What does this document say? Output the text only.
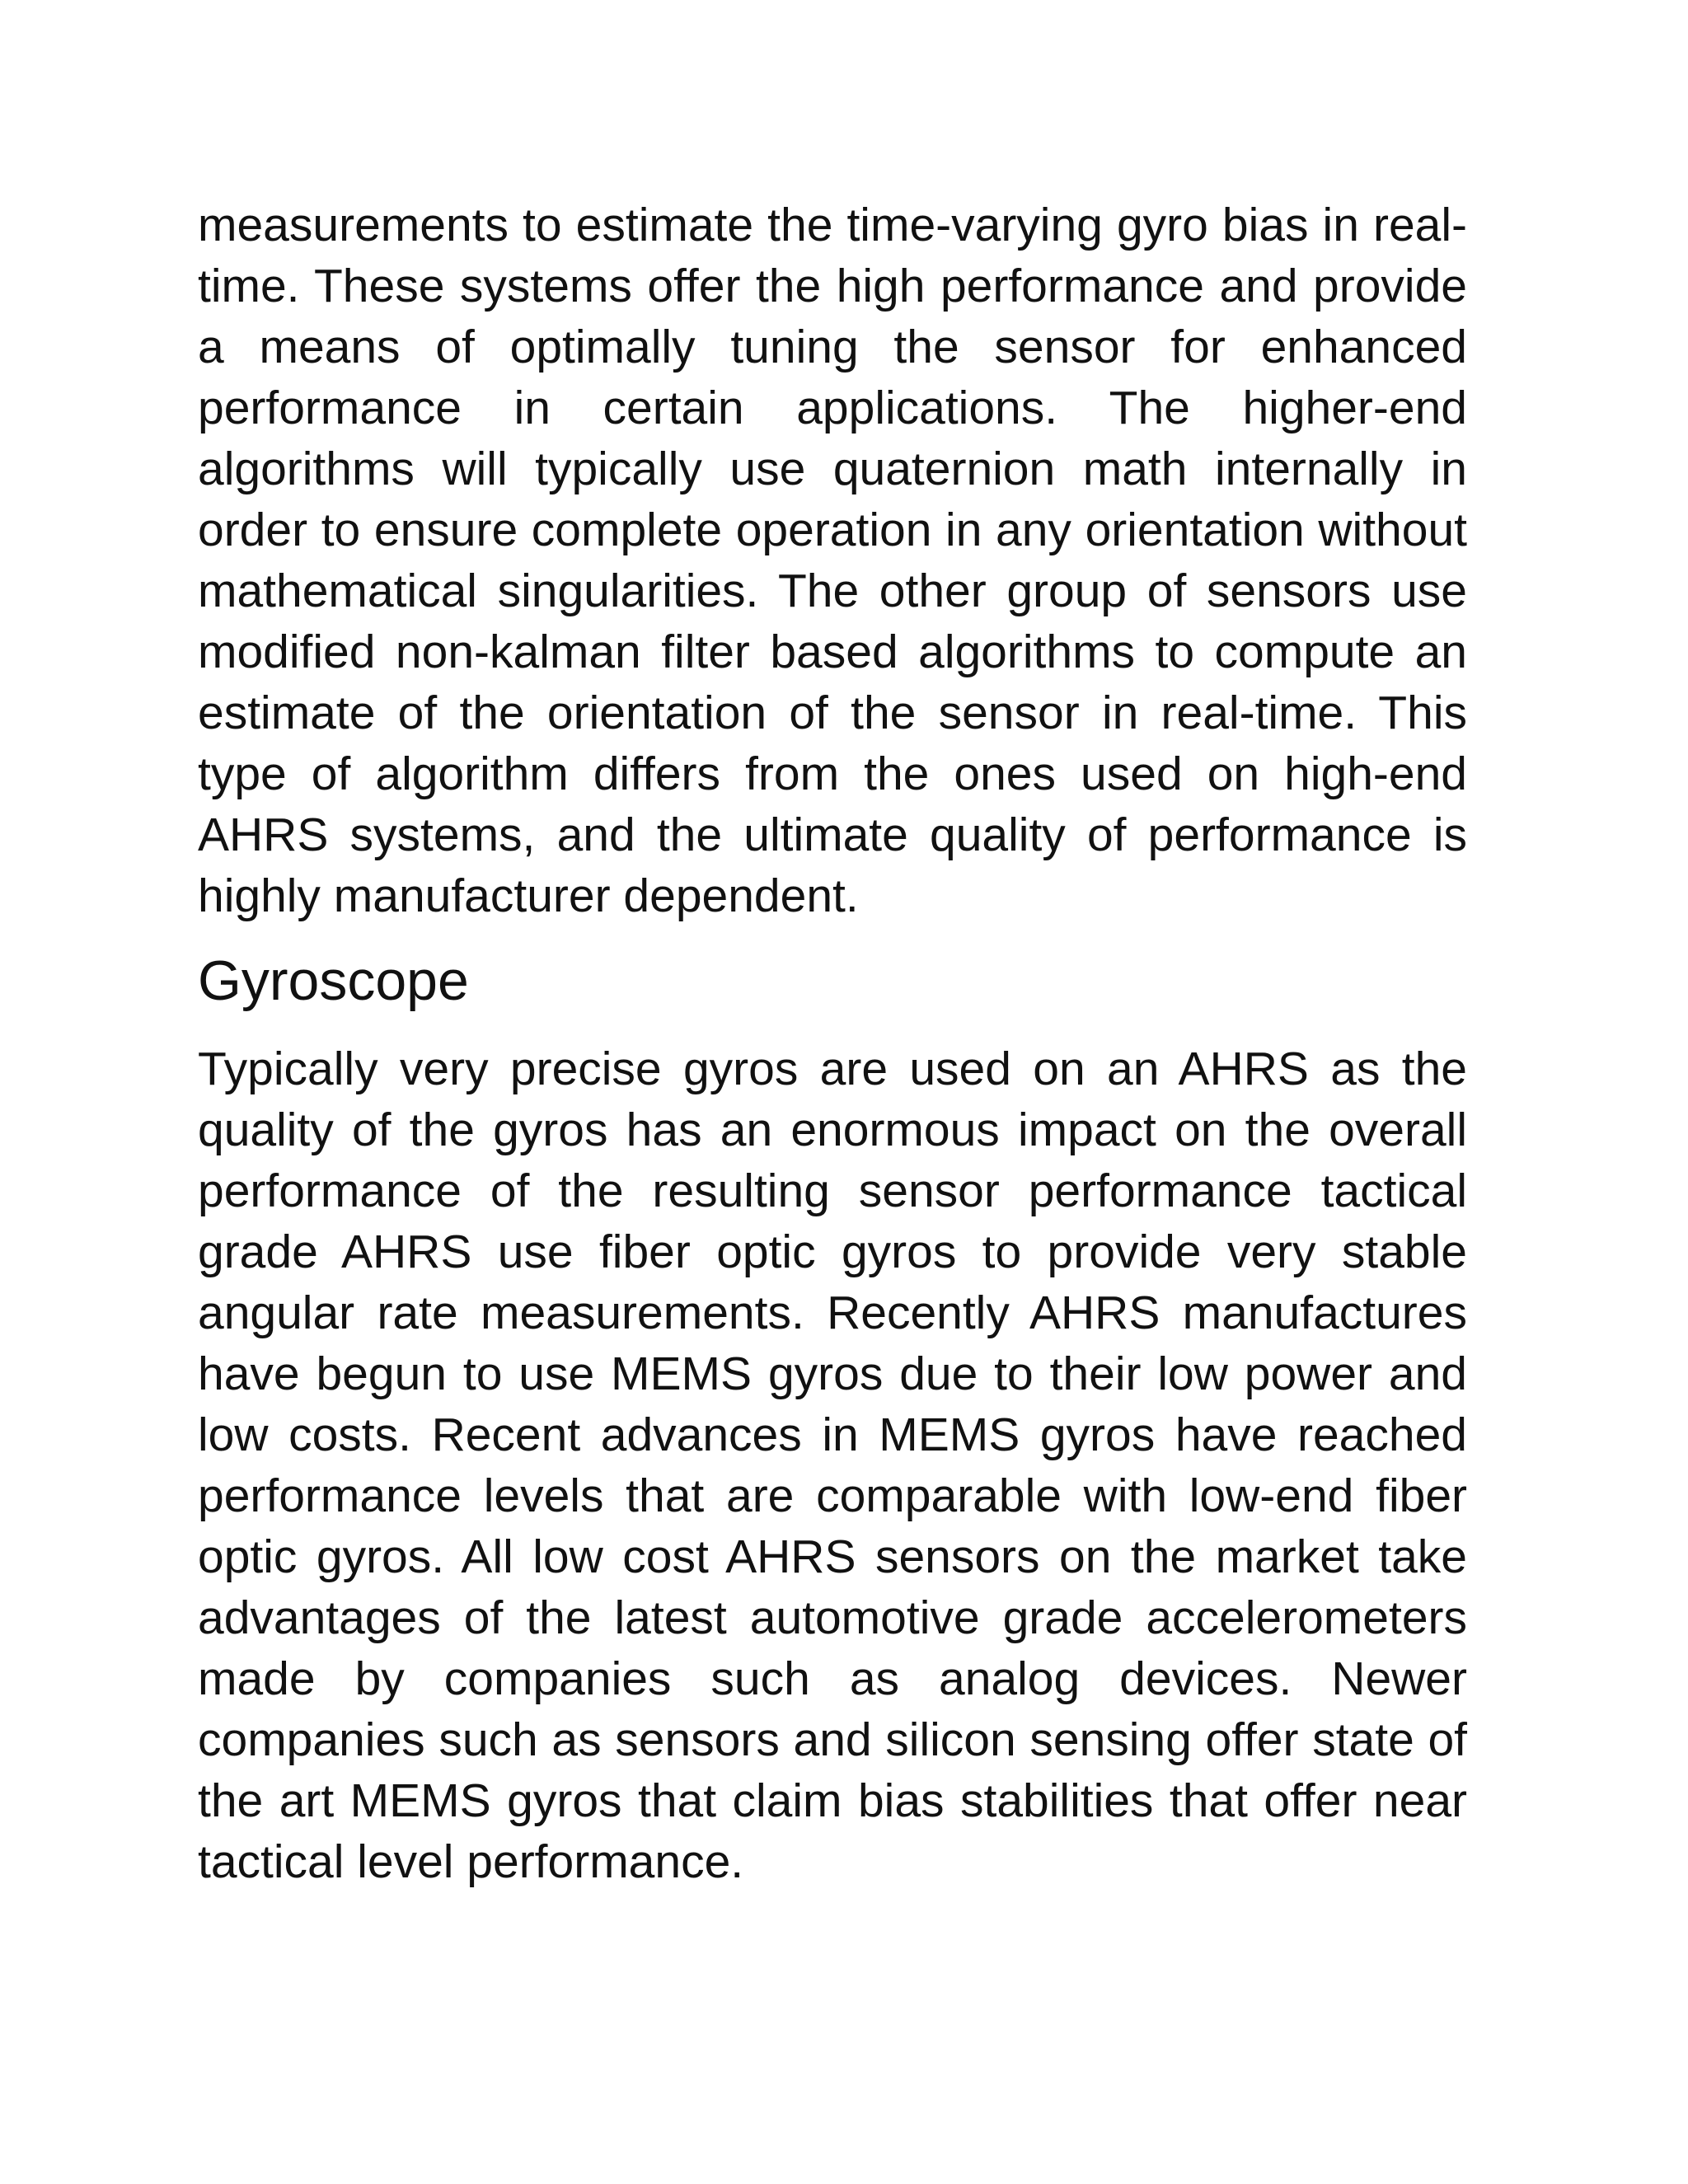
measurements to estimate the time-varying gyro bias in real-time. These systems offer the high performance and provide a means of optimally tuning the sensor for enhanced performance in certain applications. The higher-end algorithms will typically use quaternion math internally in order to ensure complete operation in any orientation without mathematical singularities. The other group of sensors use modified non-kalman filter based algorithms to compute an estimate of the orientation of the sensor in real-time. This type of algorithm differs from the ones used on high-end AHRS systems, and the ultimate quality of performance is highly manufacturer dependent.

Gyroscope

Typically very precise gyros are used on an AHRS as the quality of the gyros has an enormous impact on the overall performance of the resulting sensor performance tactical grade AHRS use fiber optic gyros to provide very stable angular rate measurements. Recently AHRS manufactures have begun to use MEMS gyros due to their low power and low costs. Recent advances in MEMS gyros have reached performance levels that are comparable with low-end fiber optic gyros. All low cost AHRS sensors on the market take advantages of the latest automotive grade accelerometers made by companies such as analog devices. Newer companies such as sensors and silicon sensing offer state of the art MEMS gyros that claim bias stabilities that offer near tactical level performance.
